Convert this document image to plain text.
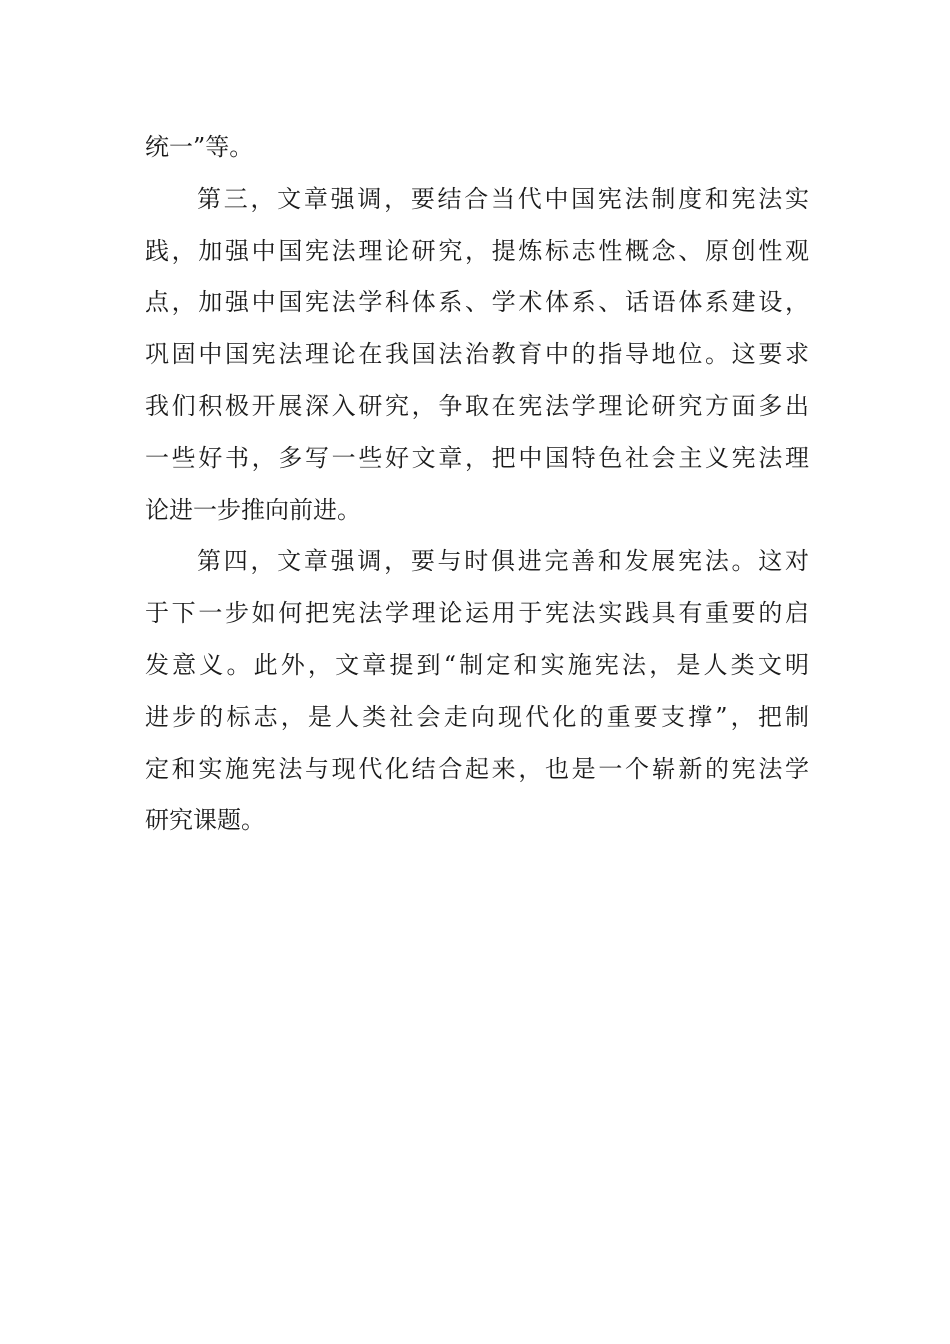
统一”等。
第三，文章强调，要结合当代中国宪法制度和宪法实
践，加强中国宪法理论研究，提炼标志性概念、原创性观
点，加强中国宪法学科体系、学术体系、话语体系建设，
巩固中国宪法理论在我国法治教育中的指导地位。这要求
我们积极开展深入研究，争取在宪法学理论研究方面多出
一些好书，多写一些好文章，把中国特色社会主义宪法理
论进一步推向前进。
第四，文章强调，要与时俱进完善和发展宪法。这对
于下一步如何把宪法学理论运用于宪法实践具有重要的启
发意义。此外，文章提到“制定和实施宪法，是人类文明
进步的标志，是人类社会走向现代化的重要支撑”，把制
定和实施宪法与现代化结合起来，也是一个崭新的宪法学
研究课题。
